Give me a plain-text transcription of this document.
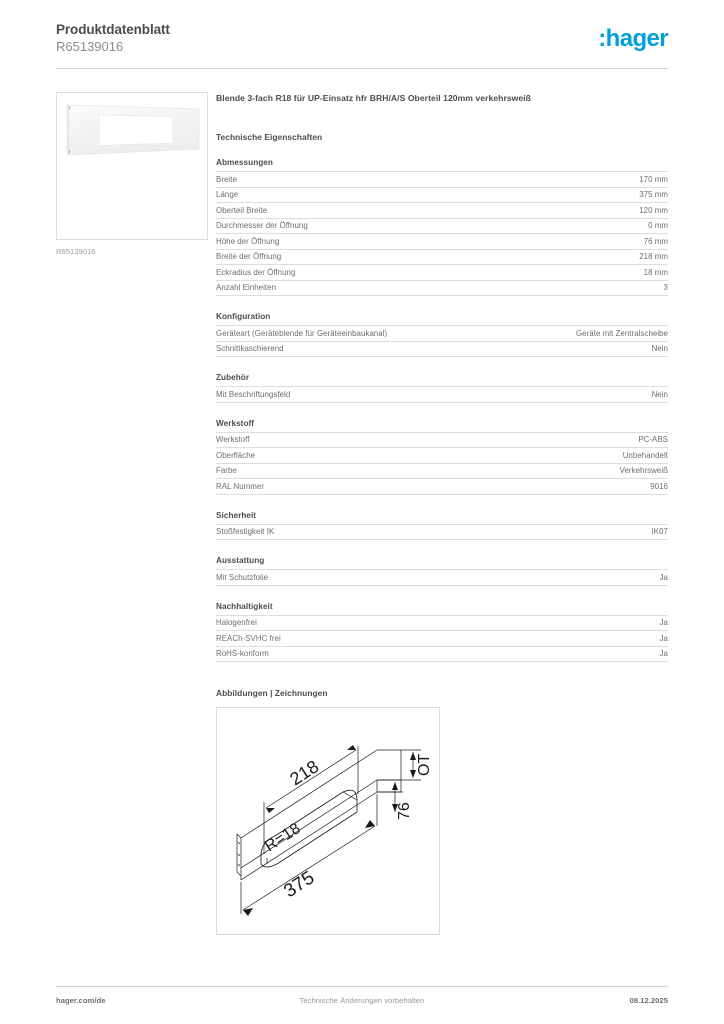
Produktdatenblatt
R65139016	:hager
R65139016
Blende 3-fach R18 für UP-Einsatz hfr BRH/A/S Oberteil 120mm verkehrsweiß
Technische Eigenschaften
Abmessungen
Breite	170 mm
Länge	375 mm
Oberteil Breite	120 mm
Durchmesser der Öffnung	0 mm
Höhe der Öffnung	76 mm
Breite der Öffnung	218 mm
Eckradius der Öffnung	18 mm
Anzahl Einheiten	3
Konfiguration
Geräteart (Geräteblende für Geräteeinbaukanal)	Geräte mit Zentralscheibe
Schnittkaschierend	Nein
Zubehör
Mit Beschriftungsfeld	Nein
Werkstoff
Werkstoff	PC-ABS
Oberfläche	Unbehandelt
Farbe	Verkehrsweiß
RAL Nummer	9016
Sicherheit
Stoßfestigkeit IK	IK07
Ausstattung
Mit Schutzfolie	Ja
Nachhaltigkeit
Halogenfrei	Ja
REACh-SVHC frei	Ja
RoHS-konform	Ja
Abbildungen | Zeichnungen
218
R=18
375
OT
76
hager.com/de	Technische Änderungen vorbehalten	08.12.2025
